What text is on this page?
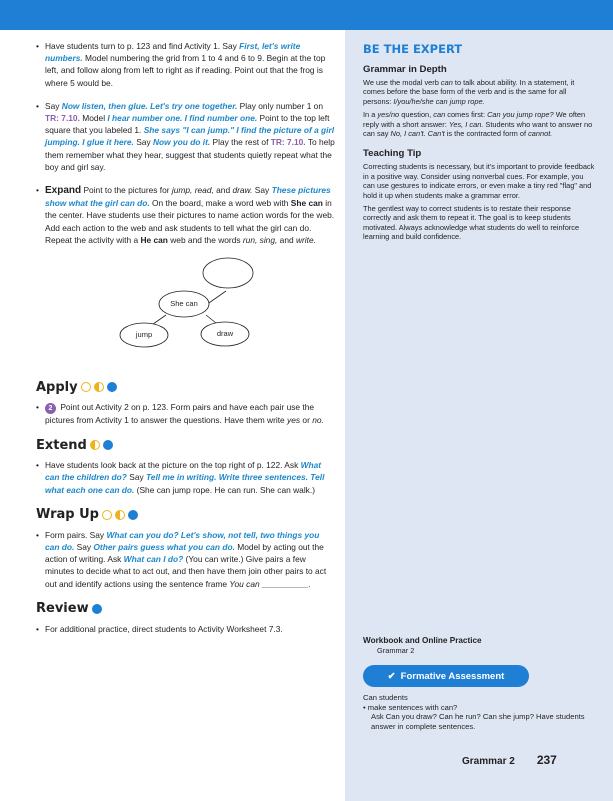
• Have students turn to p. 123 and find Activity 1. Say First, let's write numbers. Model numbering the grid from 1 to 4 and 6 to 9. Begin at the top left, and follow along from left to right as if reading. Point out that the frog is where 5 would be.

• Say Now listen, then glue. Let's try one together. Play only number 1 on TR: 7.10. Model I hear number one. I find number one. Point to the top left square that you labeled 1. She says "I can jump." I find the picture of a girl jumping. I glue it here. Say Now you do it. Play the rest of TR: 7.10. To help them remember what they hear, suggest that students quietly repeat what the boy and girl say.

• Expand Point to the pictures for jump, read, and draw. Say These pictures show what the girl can do. On the board, make a word web with She can in the center. Have students use their pictures to name action words for the web. Add each action to the web and ask students to tell what the girl can do. Repeat the activity with a He can web and the words run, sing, and write.

She can
jump	draw
Apply

• 2 Point out Activity 2 on p. 123. Form pairs and have each pair use the pictures from Activity 1 to answer the questions. Have them write yes or no.

Extend

• Have students look back at the picture on the top right of p. 122. Ask What can the children do? Say Tell me in writing. Write three sentences. Tell what each one can do. (She can jump rope. He can run. She can walk.)

Wrap Up

• Form pairs. Say What can you do? Let's show, not tell, two things you can do. Say Other pairs guess what you can do. Model by acting out the action of writing. Ask What can I do? (You can write.) Give pairs a few minutes to decide what to act out, and then have them join other pairs to act out and identify actions using the sentence frame You can __________.

Review

• For additional practice, direct students to Activity Worksheet 7.3.

BE THE EXPERT
Grammar in Depth

We use the modal verb can to talk about ability. In a statement, it comes before the base form of the verb and is the same for all persons: I/you/he/she can jump rope.

In a yes/no question, can comes first: Can you jump rope? We often reply with a short answer: Yes, I can. Students who want to answer no can say No, I can't. Can't is the contracted form of cannot.

Teaching Tip

Correcting students is necessary, but it's important to provide feedback in a positive way. Consider using nonverbal cues. For example, you can use gestures to indicate errors, or even make a tiny red "flag" and hold it up when students make a grammar error.

The gentlest way to correct students is to restate their response correctly and ask them to repeat it. The goal is to keep students motivated. Always acknowledge what students do well to reinforce learning and build confidence.

Workbook and Online Practice
Grammar 2
✔ Formative Assessment
Can students
• make sentences with can?
Ask Can you draw? Can he run? Can she jump? Have students answer in complete sentences.
Grammar 2 237
